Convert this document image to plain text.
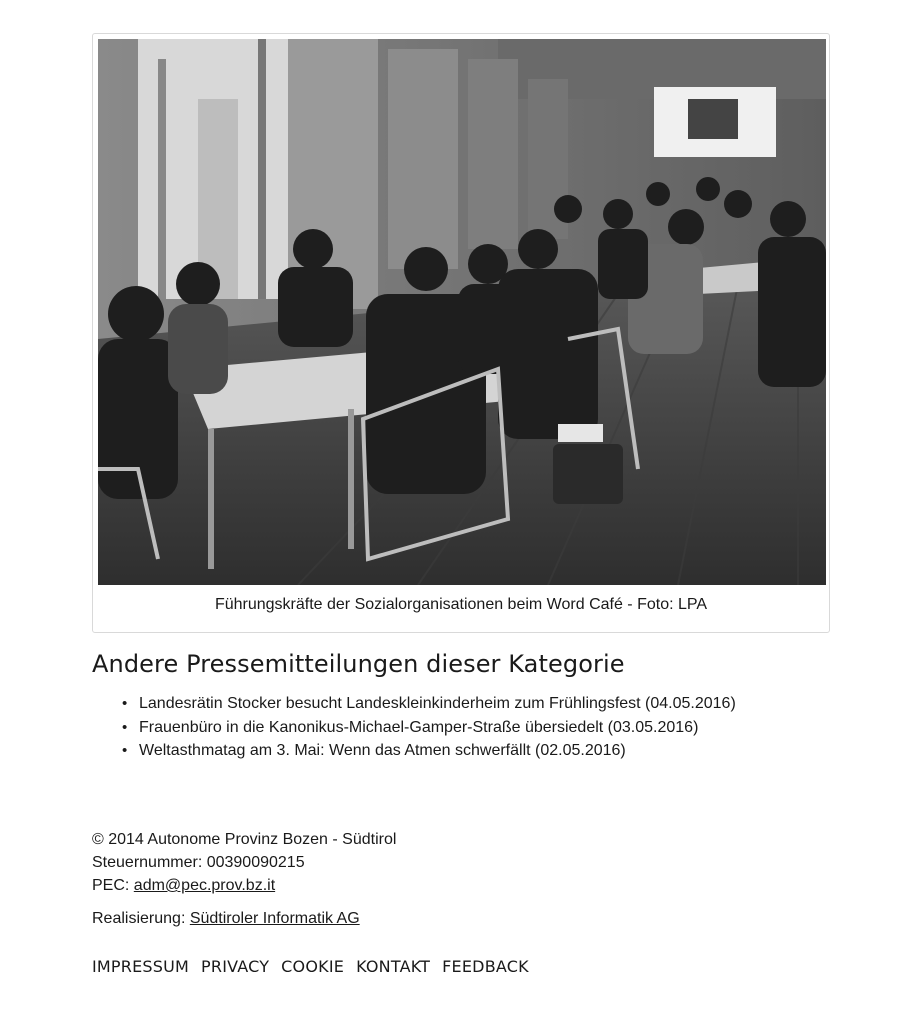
Führungskräfte der Sozialorganisationen beim Word Café - Foto: LPA
Andere Pressemitteilungen dieser Kategorie
• Landesrätin Stocker besucht Landeskleinkinderheim zum Frühlingsfest (04.05.2016)
• Frauenbüro in die Kanonikus-Michael-Gamper-Straße übersiedelt (03.05.2016)
• Weltasthmatag am 3. Mai: Wenn das Atmen schwerfällt (02.05.2016)
© 2014 Autonome Provinz Bozen - Südtirol
Steuernummer: 00390090215
PEC: adm@pec.prov.bz.it
Realisierung: Südtiroler Informatik AG
IMPRESSUM PRIVACY COOKIE KONTAKT FEEDBACK
